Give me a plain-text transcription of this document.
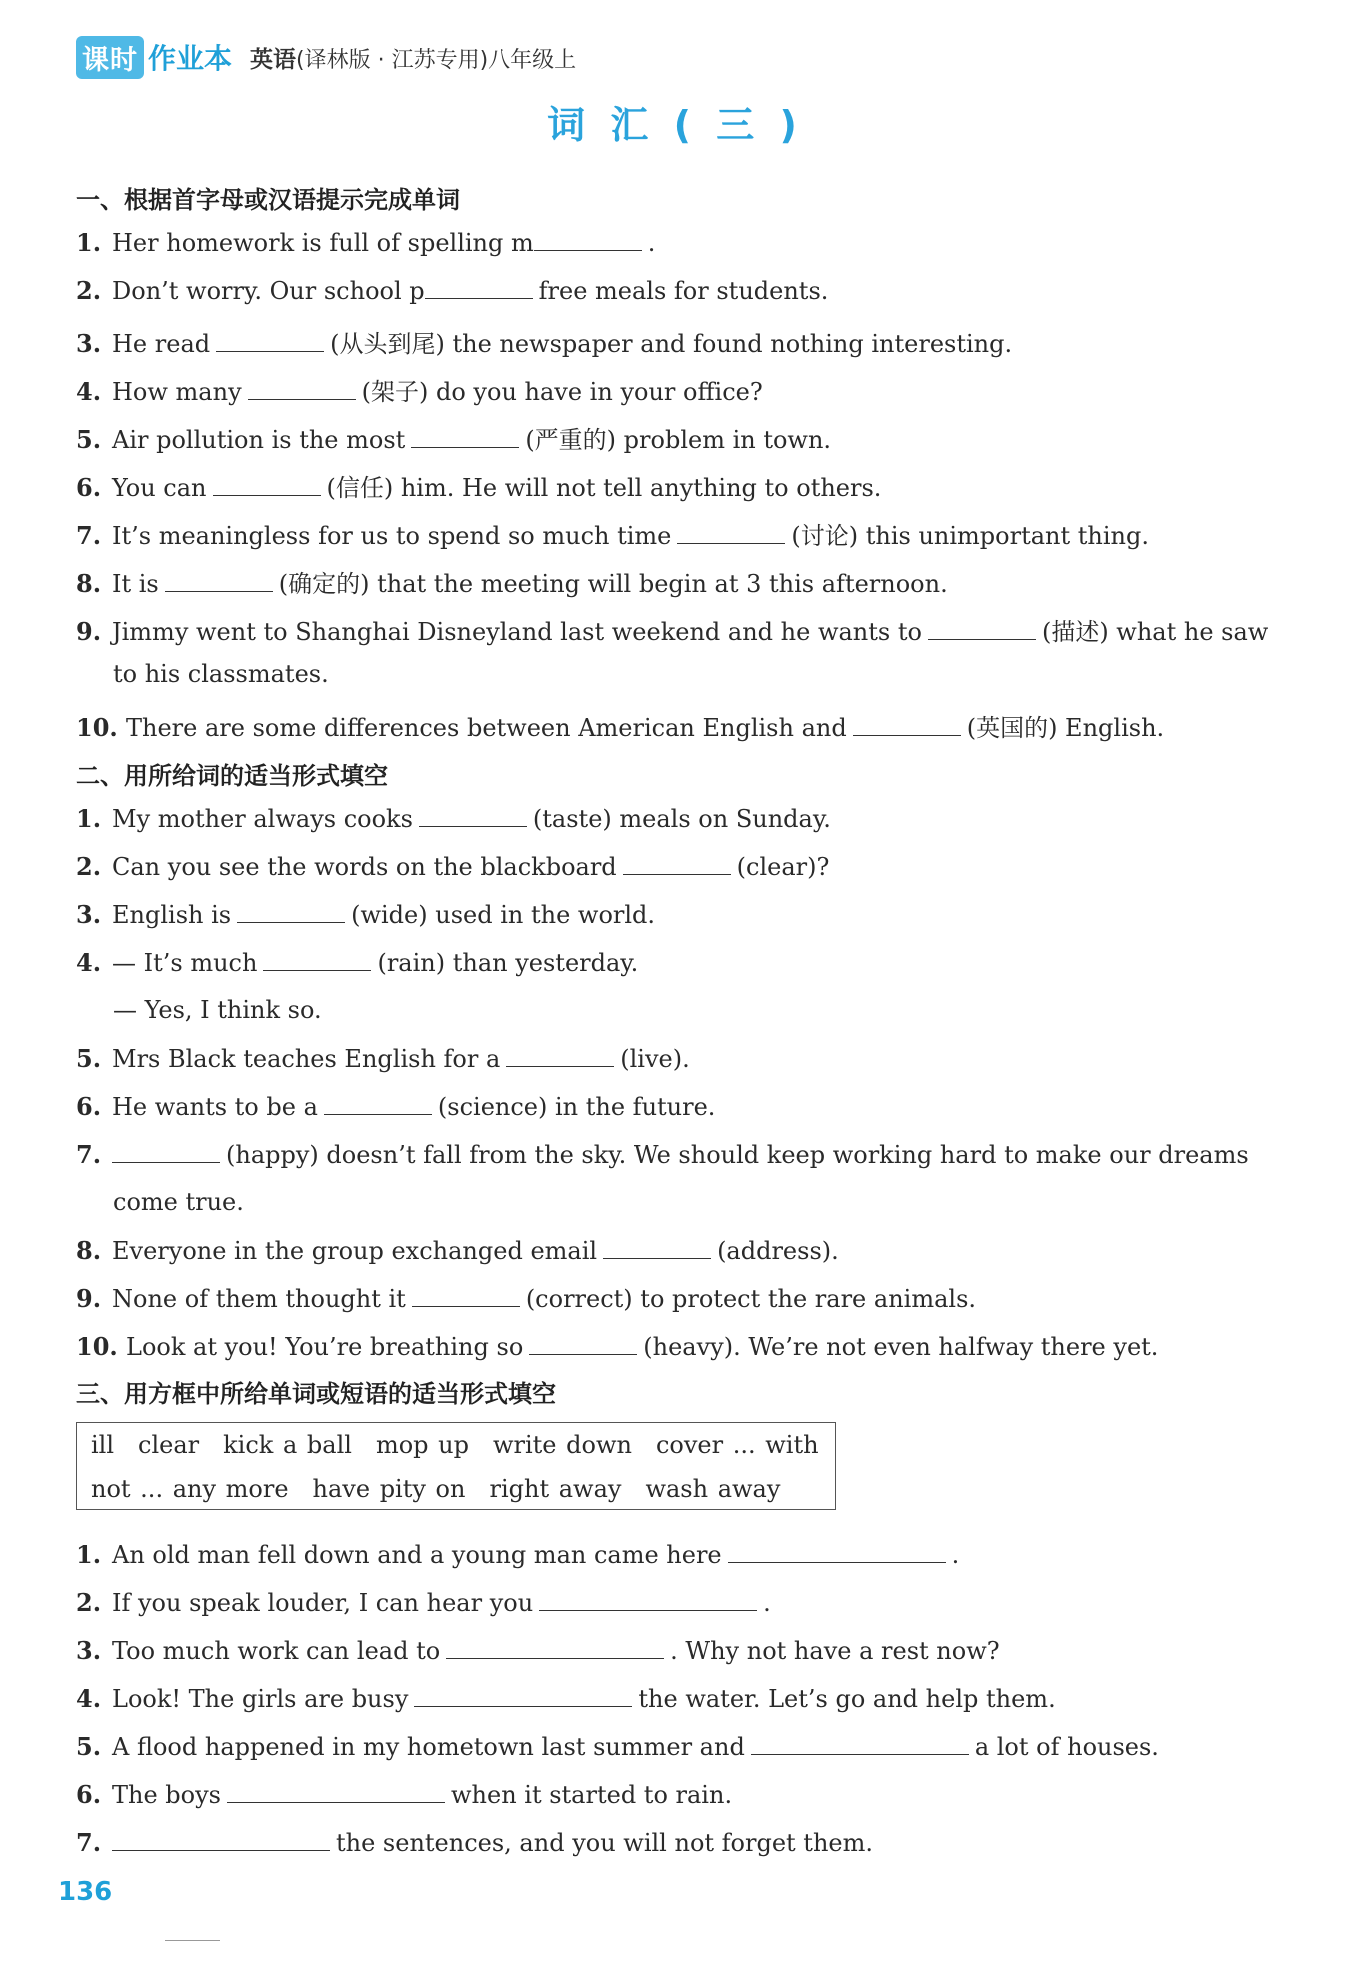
课时 作业本 英语(译林版 · 江苏专用)八年级上
词 汇 ( 三 )
一、根据首字母或汉语提示完成单词
1. Her homework is full of spelling m	.
2. Don’t worry. Our school p	free meals for students.
3. He read	(从头到尾) the newspaper and found nothing interesting.
4. How many	(架子) do you have in your office?
5. Air pollution is the most	(严重的) problem in town.
6. You can	(信任) him. He will not tell anything to others.
7. It’s meaningless for us to spend so much time	(讨论) this unimportant thing.
8. It is	(确定的) that the meeting will begin at 3 this afternoon.
9. Jimmy went to Shanghai Disneyland last weekend and he wants to	(描述) what he saw
to his classmates.
10. There are some differences between American English and	(英国的) English.
二、用所给词的适当形式填空
1. My mother always cooks	(taste) meals on Sunday.
2. Can you see the words on the blackboard	(clear)?
3. English is	(wide) used in the world.
4. — It’s much	(rain) than yesterday.
— Yes, I think so.
5. Mrs Black teaches English for a	(live).
6. He wants to be a	(science) in the future.
7.	(happy) doesn’t fall from the sky. We should keep working hard to make our dreams
come true.
8. Everyone in the group exchanged email	(address).
9. None of them thought it	(correct) to protect the rare animals.
10. Look at you! You’re breathing so	(heavy). We’re not even halfway there yet.
三、用方框中所给单词或短语的适当形式填空
ill clear kick a ball mop up write down cover ... with
not ... any more have pity on right away wash away
1. An old man fell down and a young man came here	.
2. If you speak louder, I can hear you	.
3. Too much work can lead to	. Why not have a rest now?
4. Look! The girls are busy	the water. Let’s go and help them.
5. A flood happened in my hometown last summer and	a lot of houses.
6. The boys	when it started to rain.
7.	the sentences, and you will not forget them.
136
